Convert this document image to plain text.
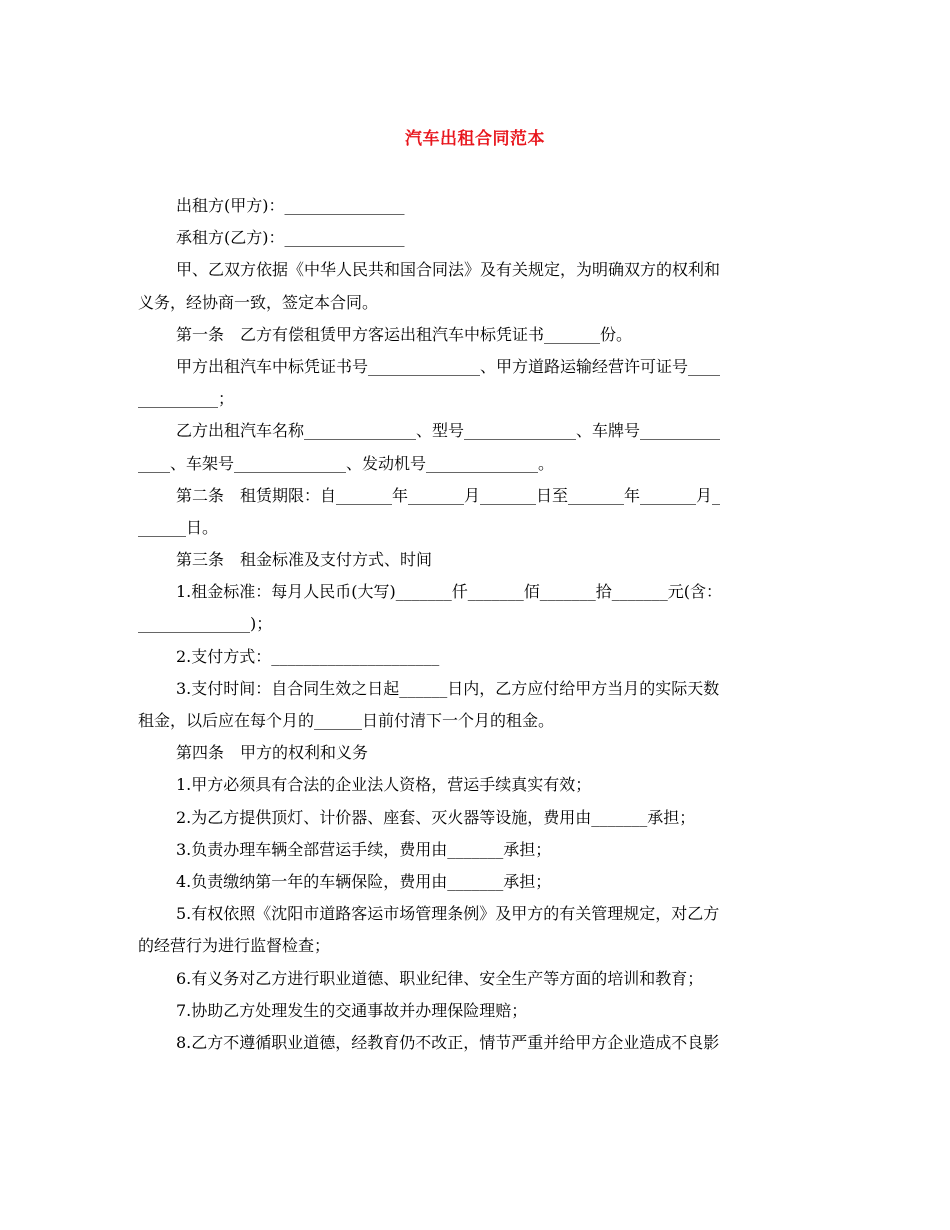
汽车出租合同范本
出租方(甲方)：_______________
承租方(乙方)：_______________
甲、乙双方依据《中华人民共和国合同法》及有关规定，为明确双方的权利和
义务，经协商一致，签定本合同。
第一条　乙方有偿租赁甲方客运出租汽车中标凭证书_______份。
甲方出租汽车中标凭证书号______________、甲方道路运输经营许可证号____
__________；
乙方出租汽车名称______________、型号______________、车牌号__________
____、车架号______________、发动机号______________。
第二条　租赁期限：自_______年_______月_______日至_______年_______月_
______日。
第三条　租金标准及支付方式、时间
1.租金标准：每月人民币(大写)_______仟_______佰_______拾_______元(含：
______________)；
2.支付方式：_____________________
3.支付时间：自合同生效之日起______日内，乙方应付给甲方当月的实际天数
租金，以后应在每个月的______日前付清下一个月的租金。
第四条　甲方的权利和义务
1.甲方必须具有合法的企业法人资格，营运手续真实有效；
2.为乙方提供顶灯、计价器、座套、灭火器等设施，费用由_______承担；
3.负责办理车辆全部营运手续，费用由_______承担；
4.负责缴纳第一年的车辆保险，费用由_______承担；
5.有权依照《沈阳市道路客运市场管理条例》及甲方的有关管理规定，对乙方
的经营行为进行监督检查；
6.有义务对乙方进行职业道德、职业纪律、安全生产等方面的培训和教育；
7.协助乙方处理发生的交通事故并办理保险理赔；
8.乙方不遵循职业道德，经教育仍不改正，情节严重并给甲方企业造成不良影
